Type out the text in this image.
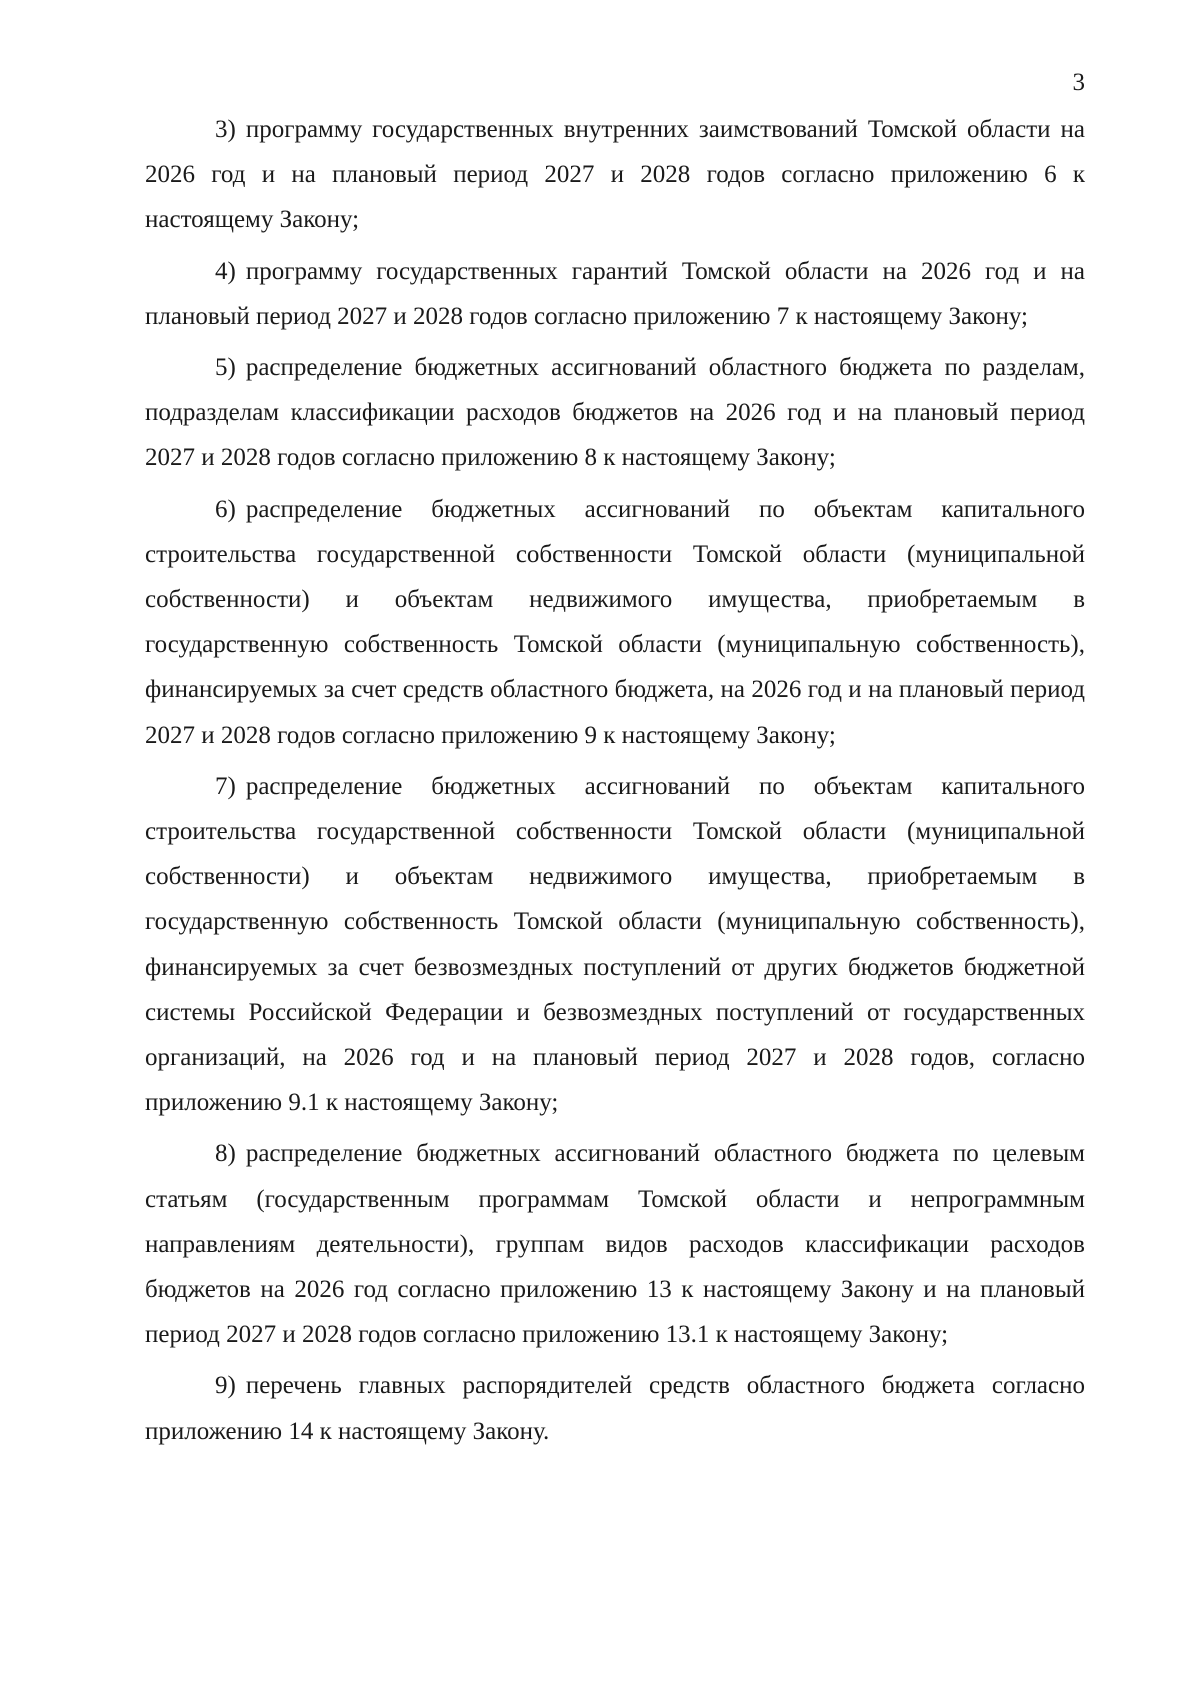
3

3) программу государственных внутренних заимствований Томской области на 2026 год и на плановый период 2027 и 2028 годов согласно приложению 6 к настоящему Закону;

4) программу государственных гарантий Томской области на 2026 год и на плановый период 2027 и 2028 годов согласно приложению 7 к настоящему Закону;

5) распределение бюджетных ассигнований областного бюджета по разделам, подразделам классификации расходов бюджетов на 2026 год и на плановый период 2027 и 2028 годов согласно приложению 8 к настоящему Закону;

6) распределение бюджетных ассигнований по объектам капитального строительства государственной собственности Томской области (муниципальной собственности) и объектам недвижимого имущества, приобретаемым в государственную собственность Томской области (муниципальную собственность), финансируемых за счет средств областного бюджета, на 2026 год и на плановый период 2027 и 2028 годов согласно приложению 9 к настоящему Закону;

7) распределение бюджетных ассигнований по объектам капитального строительства государственной собственности Томской области (муниципальной собственности) и объектам недвижимого имущества, приобретаемым в государственную собственность Томской области (муниципальную собственность), финансируемых за счет безвозмездных поступлений от других бюджетов бюджетной системы Российской Федерации и безвозмездных поступлений от государственных организаций, на 2026 год и на плановый период 2027 и 2028 годов, согласно приложению 9.1 к настоящему Закону;

8) распределение бюджетных ассигнований областного бюджета по целевым статьям (государственным программам Томской области и непрограммным направлениям деятельности), группам видов расходов классификации расходов бюджетов на 2026 год согласно приложению 13 к настоящему Закону и на плановый период 2027 и 2028 годов согласно приложению 13.1 к настоящему Закону;

9) перечень главных распорядителей средств областного бюджета согласно приложению 14 к настоящему Закону.
